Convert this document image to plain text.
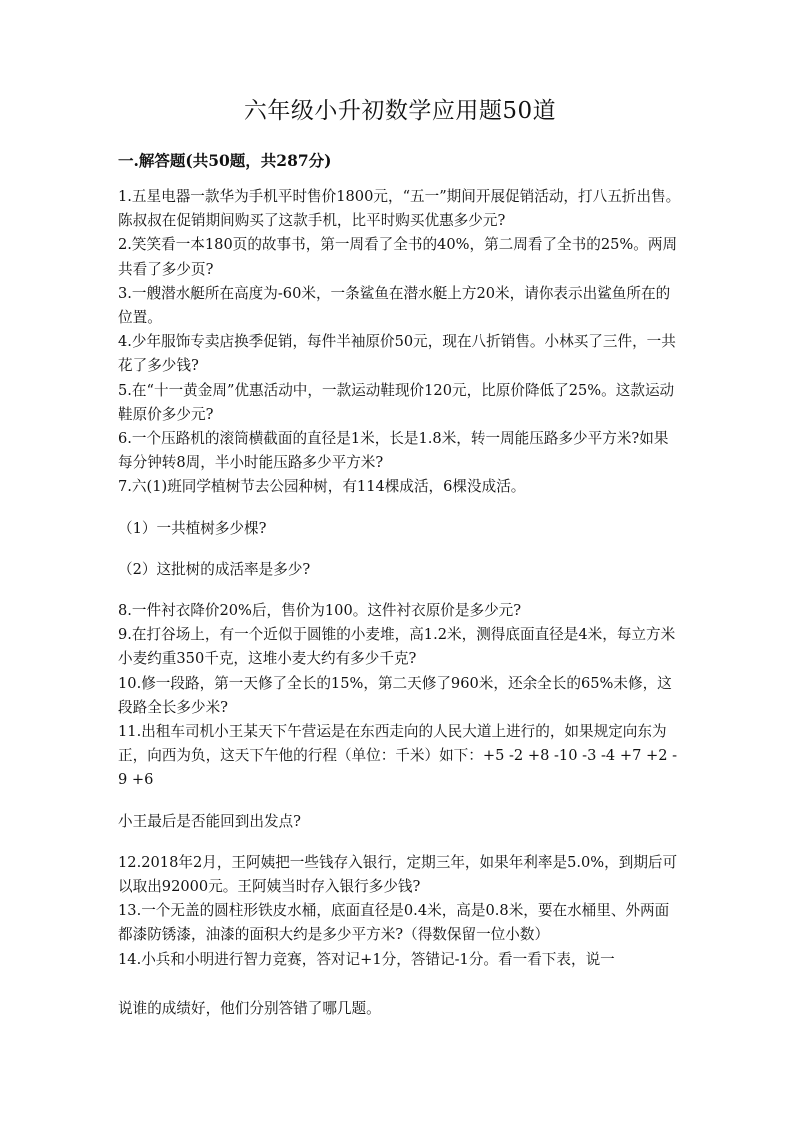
六年级小升初数学应用题50道
一.解答题(共50题，共287分)

1.五星电器一款华为手机平时售价1800元，“五一”期间开展促销活动，打八五折出售。陈叔叔在促销期间购买了这款手机，比平时购买优惠多少元?

2.笑笑看一本180页的故事书，第一周看了全书的40%，第二周看了全书的25%。两周共看了多少页?

3.一艘潜水艇所在高度为-60米，一条鲨鱼在潜水艇上方20米，请你表示出鲨鱼所在的位置。

4.少年服饰专卖店换季促销，每件半袖原价50元，现在八折销售。小林买了三件，一共花了多少钱?

5.在“十一黄金周”优惠活动中，一款运动鞋现价120元，比原价降低了25%。这款运动鞋原价多少元?

6.一个压路机的滚筒横截面的直径是1米，长是1.8米，转一周能压路多少平方米?如果每分钟转8周，半小时能压路多少平方米?

7.六(1)班同学植树节去公园种树，有114棵成活，6棵没成活。

（1）一共植树多少棵?

（2）这批树的成活率是多少?

8.一件衬衣降价20%后，售价为100。这件衬衣原价是多少元?

9.在打谷场上，有一个近似于圆锥的小麦堆，高1.2米，测得底面直径是4米，每立方米小麦约重350千克，这堆小麦大约有多少千克?

10.修一段路，第一天修了全长的15%，第二天修了960米，还余全长的65%未修，这段路全长多少米?

11.出租车司机小王某天下午营运是在东西走向的人民大道上进行的，如果规定向东为正，向西为负，这天下午他的行程（单位：千米）如下：+5 -2 +8 -10 -3 -4 +7 +2 -9 +6

小王最后是否能回到出发点?

12.2018年2月，王阿姨把一些钱存入银行，定期三年，如果年利率是5.0%，到期后可以取出92000元。王阿姨当时存入银行多少钱?

13.一个无盖的圆柱形铁皮水桶，底面直径是0.4米，高是0.8米，要在水桶里、外两面都漆防锈漆，油漆的面积大约是多少平方米?（得数保留一位小数）

14.小兵和小明进行智力竞赛，答对记+1分，答错记-1分。看一看下表，说一

说谁的成绩好，他们分别答错了哪几题。
